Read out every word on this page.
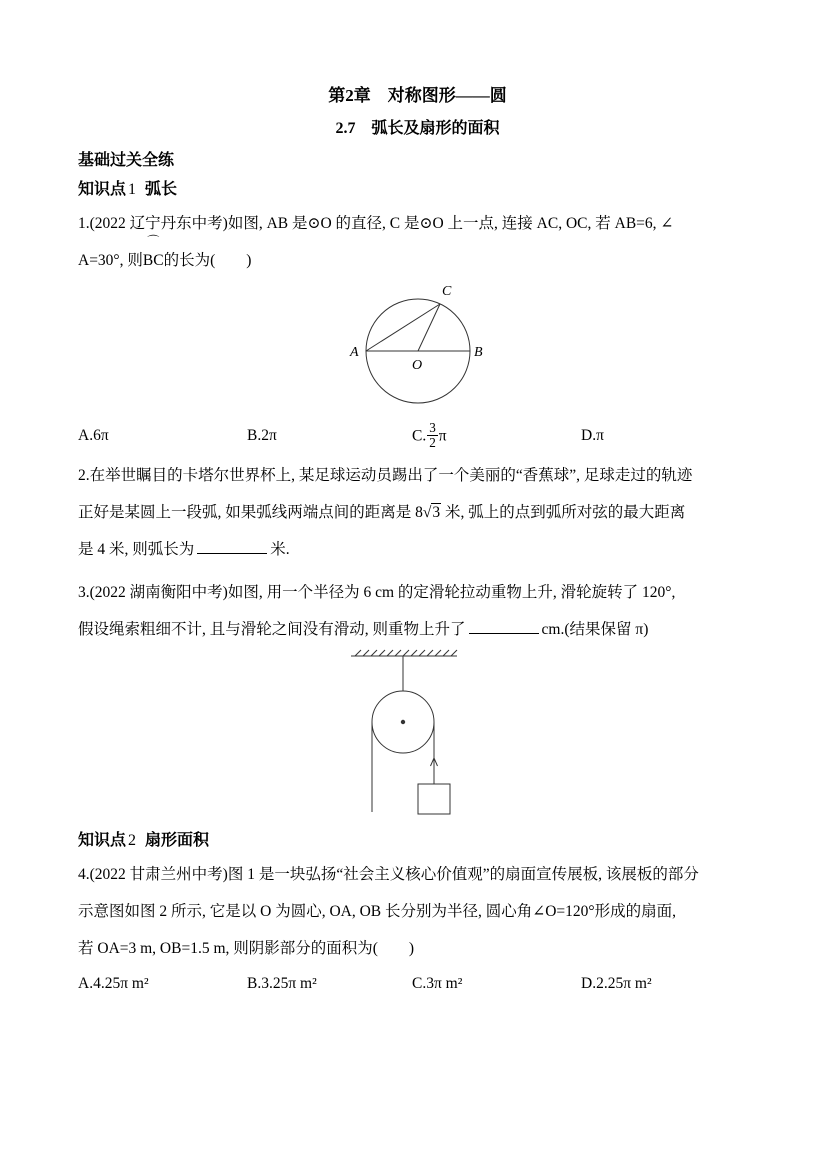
第2章　对称图形——圆
2.7　弧长及扇形的面积
基础过关全练
知识点 1 弧长
1.(2022 辽宁丹东中考)如图, AB 是⊙O 的直径, C 是⊙O 上一点, 连接 AC, OC, 若 AB=6, ∠
A=30°, 则
⌒
BC的长为(　　)
A	B
C
O
A.6π	B.2π	C. $\frac{3}{2}$ π	D.π
2.在举世瞩目的卡塔尔世界杯上, 某足球运动员踢出了一个美丽的“香蕉球”, 足球走过的轨迹
正好是某圆上一段弧, 如果弧线两端点间的距离是 8√3 米, 弧上的点到弧所对弦的最大距离
是 4 米, 则弧长为	米.
3.(2022 湖南衡阳中考)如图, 用一个半径为 6 cm 的定滑轮拉动重物上升, 滑轮旋转了 120°,
假设绳索粗细不计, 且与滑轮之间没有滑动, 则重物上升了	cm.(结果保留 π)
知识点 2 扇形面积
4.(2022 甘肃兰州中考)图 1 是一块弘扬“社会主义核心价值观”的扇面宣传展板, 该展板的部分
示意图如图 2 所示, 它是以 O 为圆心, OA, OB 长分别为半径, 圆心角∠O=120°形成的扇面,
若 OA=3 m, OB=1.5 m, 则阴影部分的面积为(　　)
A.4.25π m²	B.3.25π m²	C.3π m²	D.2.25π m²
